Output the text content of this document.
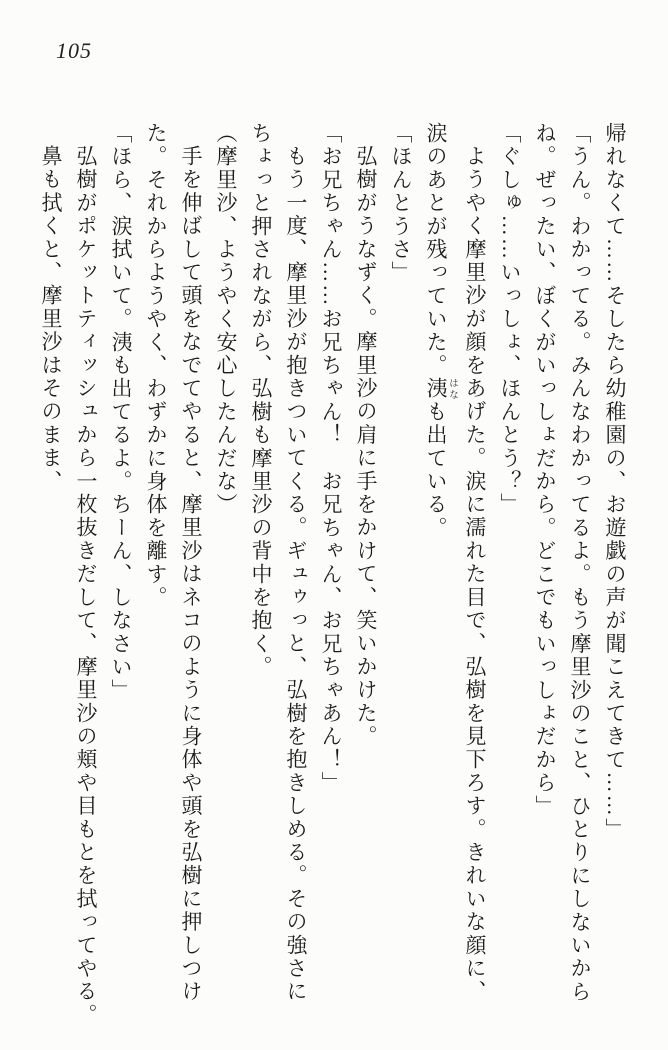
105

帰れなくて……そしたら幼稚園の、お遊戯の声が聞こえてきて……」

「うん。わかってる。みんなわかってるよ。もう摩里沙のこと、ひとりにしないから

ね。ぜったい、ぼくがいっしょだから。どこでもいっしょだから」

「ぐしゅ……いっしょ、ほんとう？」

ようやく摩里沙が顔をあげた。涙に濡れた目で、弘樹を見下ろす。きれいな顔に、

涙のあとが残っていた。洟 はなも出ている。

「ほんとうさ」

弘樹がうなずく。摩里沙の肩に手をかけて、笑いかけた。

「お兄ちゃん……お兄ちゃん！　お兄ちゃん、お兄ちゃあん！」

もう一度、摩里沙が抱きついてくる。ギュゥっと、弘樹を抱きしめる。その強さに

ちょっと押されながら、弘樹も摩里沙の背中を抱く。

（摩里沙、ようやく安心したんだな）

手を伸ばして頭をなでてやると、摩里沙はネコのように身体や頭を弘樹に押しつけ

た。それからようやく、わずかに身体を離す。

「ほら、涙拭いて。洟も出てるよ。ちーん、しなさい」

弘樹がポケットティッシュから一枚抜きだして、摩里沙の頬や目もとを拭ってやる。

鼻も拭くと、摩里沙はそのまま、
